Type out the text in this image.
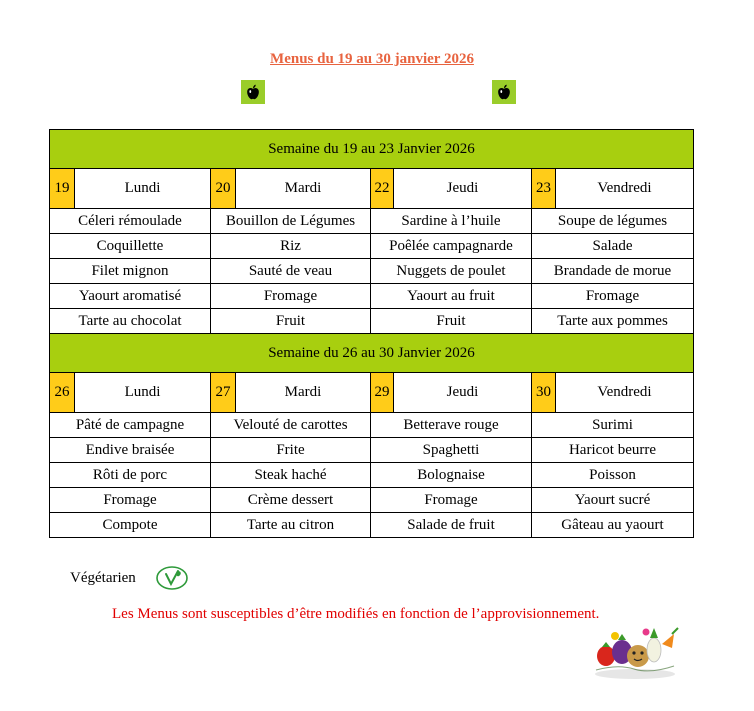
Menus du 19 au 30 janvier 2026
Semaine du 19 au 23 Janvier 2026							
19	Lundi	20	Mardi	22	Jeudi	23	Vendredi
Céleri rémoulade		Bouillon de Légumes		Sardine à l’huile		Soupe de légumes	
Coquillette		Riz		Poêlée campagnarde		Salade	
Filet mignon		Sauté de veau		Nuggets de poulet		Brandade de morue	
Yaourt aromatisé		Fromage		Yaourt au fruit		Fromage	
Tarte au chocolat		Fruit		Fruit		Tarte aux pommes	
Semaine du 26 au 30 Janvier 2026							
26	Lundi	27	Mardi	29	Jeudi	30	Vendredi
Pâté de campagne		Velouté de carottes		Betterave rouge		Surimi	
Endive braisée		Frite		Spaghetti		Haricot beurre	
Rôti de porc		Steak haché		Bolognaise		Poisson	
Fromage		Crème dessert		Fromage		Yaourt sucré	
Compote		Tarte au citron		Salade de fruit		Gâteau au yaourt	
Végétarien
Les Menus sont susceptibles d’être modifiés en fonction de l’approvisionnement.
